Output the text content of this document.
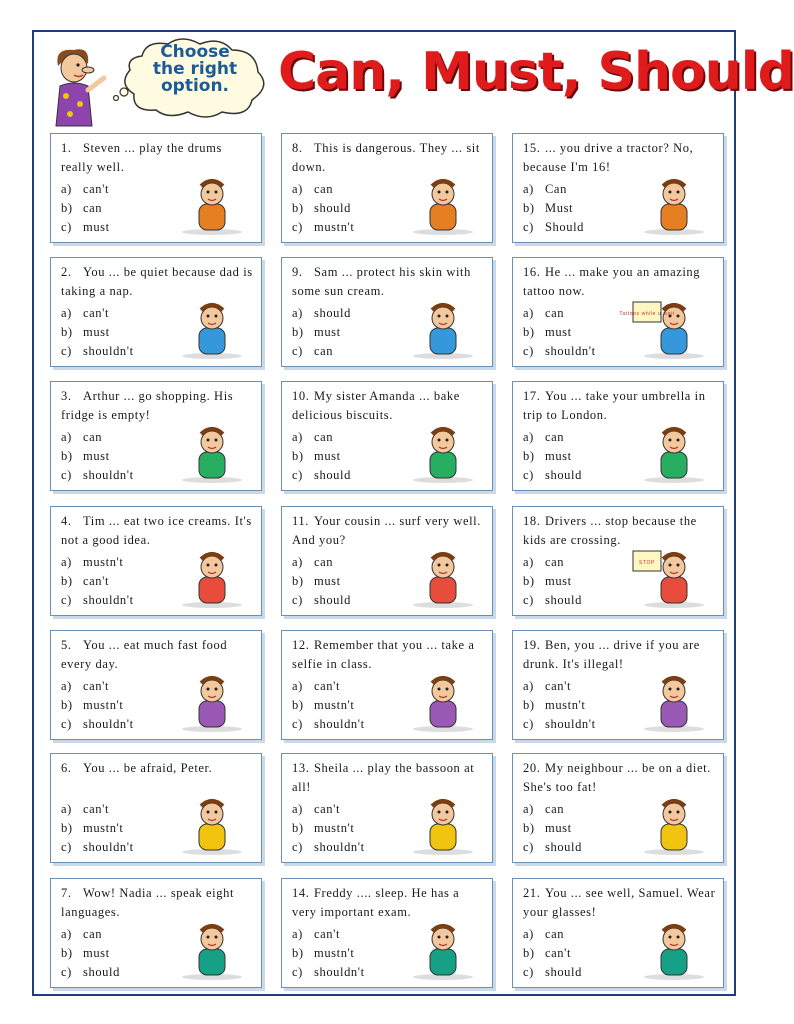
Choose
the right
option. Can, Must, Should
1. Steven ... play the drums really well.
a) can't
b) can
c) must
2. You ... be quiet because dad is taking a nap.
a) can't
b) must
c) shouldn't
3. Arthur ... go shopping. His fridge is empty!
a) can
b) must
c) shouldn't
4. Tim ... eat two ice creams. It's not a good idea.
a) mustn't
b) can't
c) shouldn't
5. You ... eat much fast food every day.
a) can't
b) mustn't
c) shouldn't
6. You ... be afraid, Peter.
a) can't
b) mustn't
c) shouldn't
7. Wow! Nadia ... speak eight languages.
a) can
b) must
c) should
8. This is dangerous. They ... sit down.
a) can
b) should
c) mustn't
9. Sam ... protect his skin with some sun cream.
a) should
b) must
c) can
10. My sister Amanda ... bake delicious biscuits.
a) can
b) must
c) should
11. Your cousin ... surf very well. And you?
a) can
b) must
c) should
12. Remember that you ... take a selfie in class.
a) can't
b) mustn't
c) shouldn't
13. Sheila ... play the bassoon at all!
a) can't
b) mustn't
c) shouldn't
14. Freddy .... sleep. He has a very important exam.
a) can't
b) mustn't
c) shouldn't
15. ... you drive a tractor? No, because I'm 16!
a) Can
b) Must
c) Should
16. He ... make you an amazing tattoo now.
a) can
b) must
c) shouldn't
Tattoos while u wait
17. You ... take your umbrella in trip to London.
a) can
b) must
c) should
18. Drivers ... stop because the kids are crossing.
a) can
b) must
c) should
STOP
19. Ben, you ... drive if you are drunk. It's illegal!
a) can't
b) mustn't
c) shouldn't
20. My neighbour ... be on a diet. She's too fat!
a) can
b) must
c) should
21. You ... see well, Samuel. Wear your glasses!
a) can
b) can't
c) should
